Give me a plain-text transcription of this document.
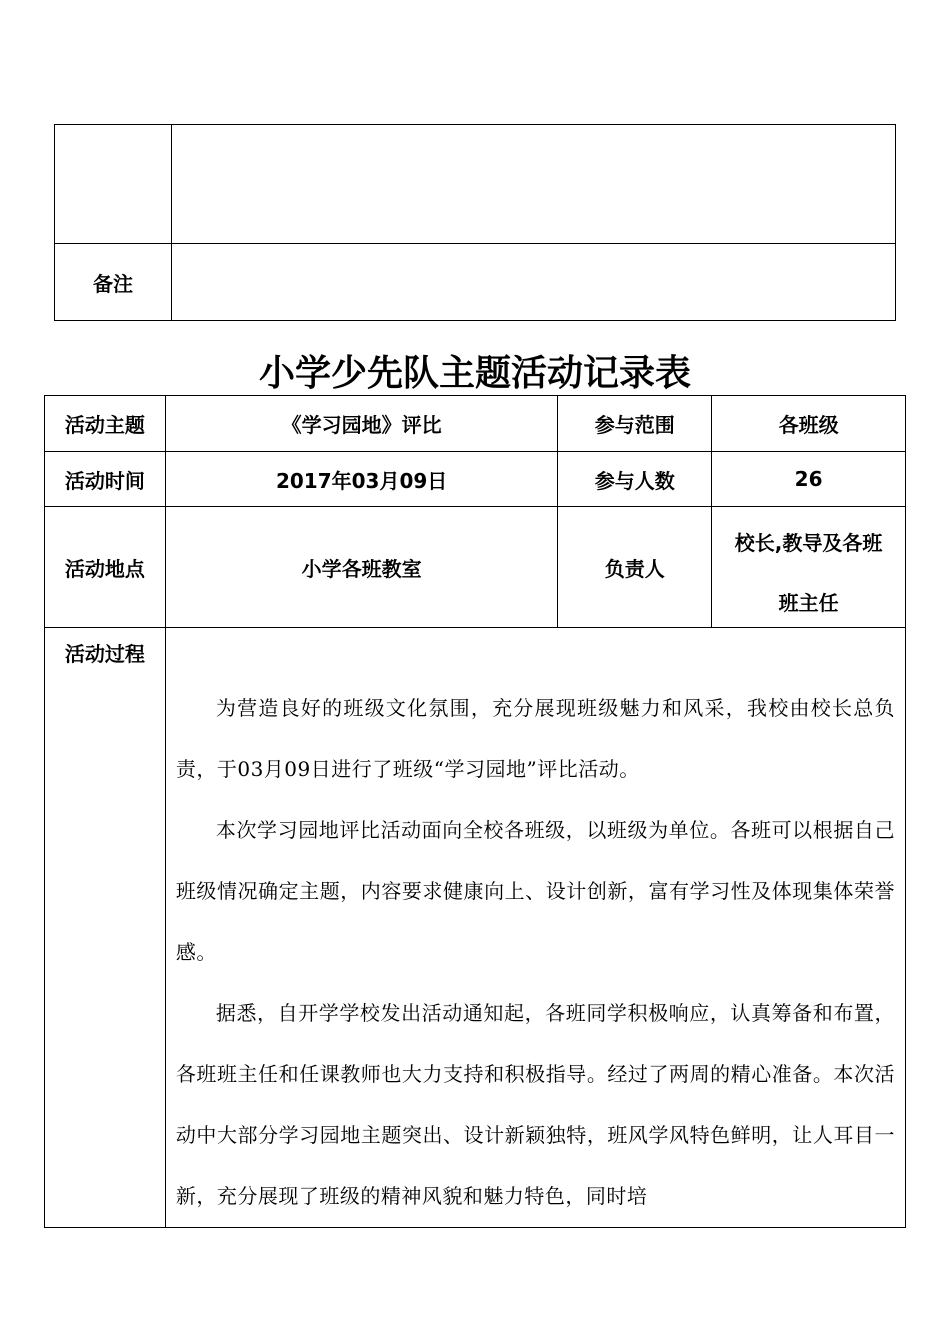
备注	
小学少先队主题活动记录表
活动主题	《学习园地》评比	参与范围	各班级
活动时间	2017年03月09日	参与人数	26
活动地点	小学各班教室	负责人	校长,教导及各班
班主任

活动过程	为营造良好的班级文化氛围，充分展现班级魅力和风采，我校由校长总负责，于03月09日进行了班级“学习园地”评比活动。

本次学习园地评比活动面向全校各班级，以班级为单位。各班可以根据自己班级情况确定主题，内容要求健康向上、设计创新，富有学习性及体现集体荣誉感。

据悉，自开学学校发出活动通知起，各班同学积极响应，认真筹备和布置，各班班主任和任课教师也大力支持和积极指导。经过了两周的精心准备。本次活动中大部分学习园地主题突出、设计新颖独特，班风学风特色鲜明，让人耳目一新，充分展现了班级的精神风貌和魅力特色，同时培		
